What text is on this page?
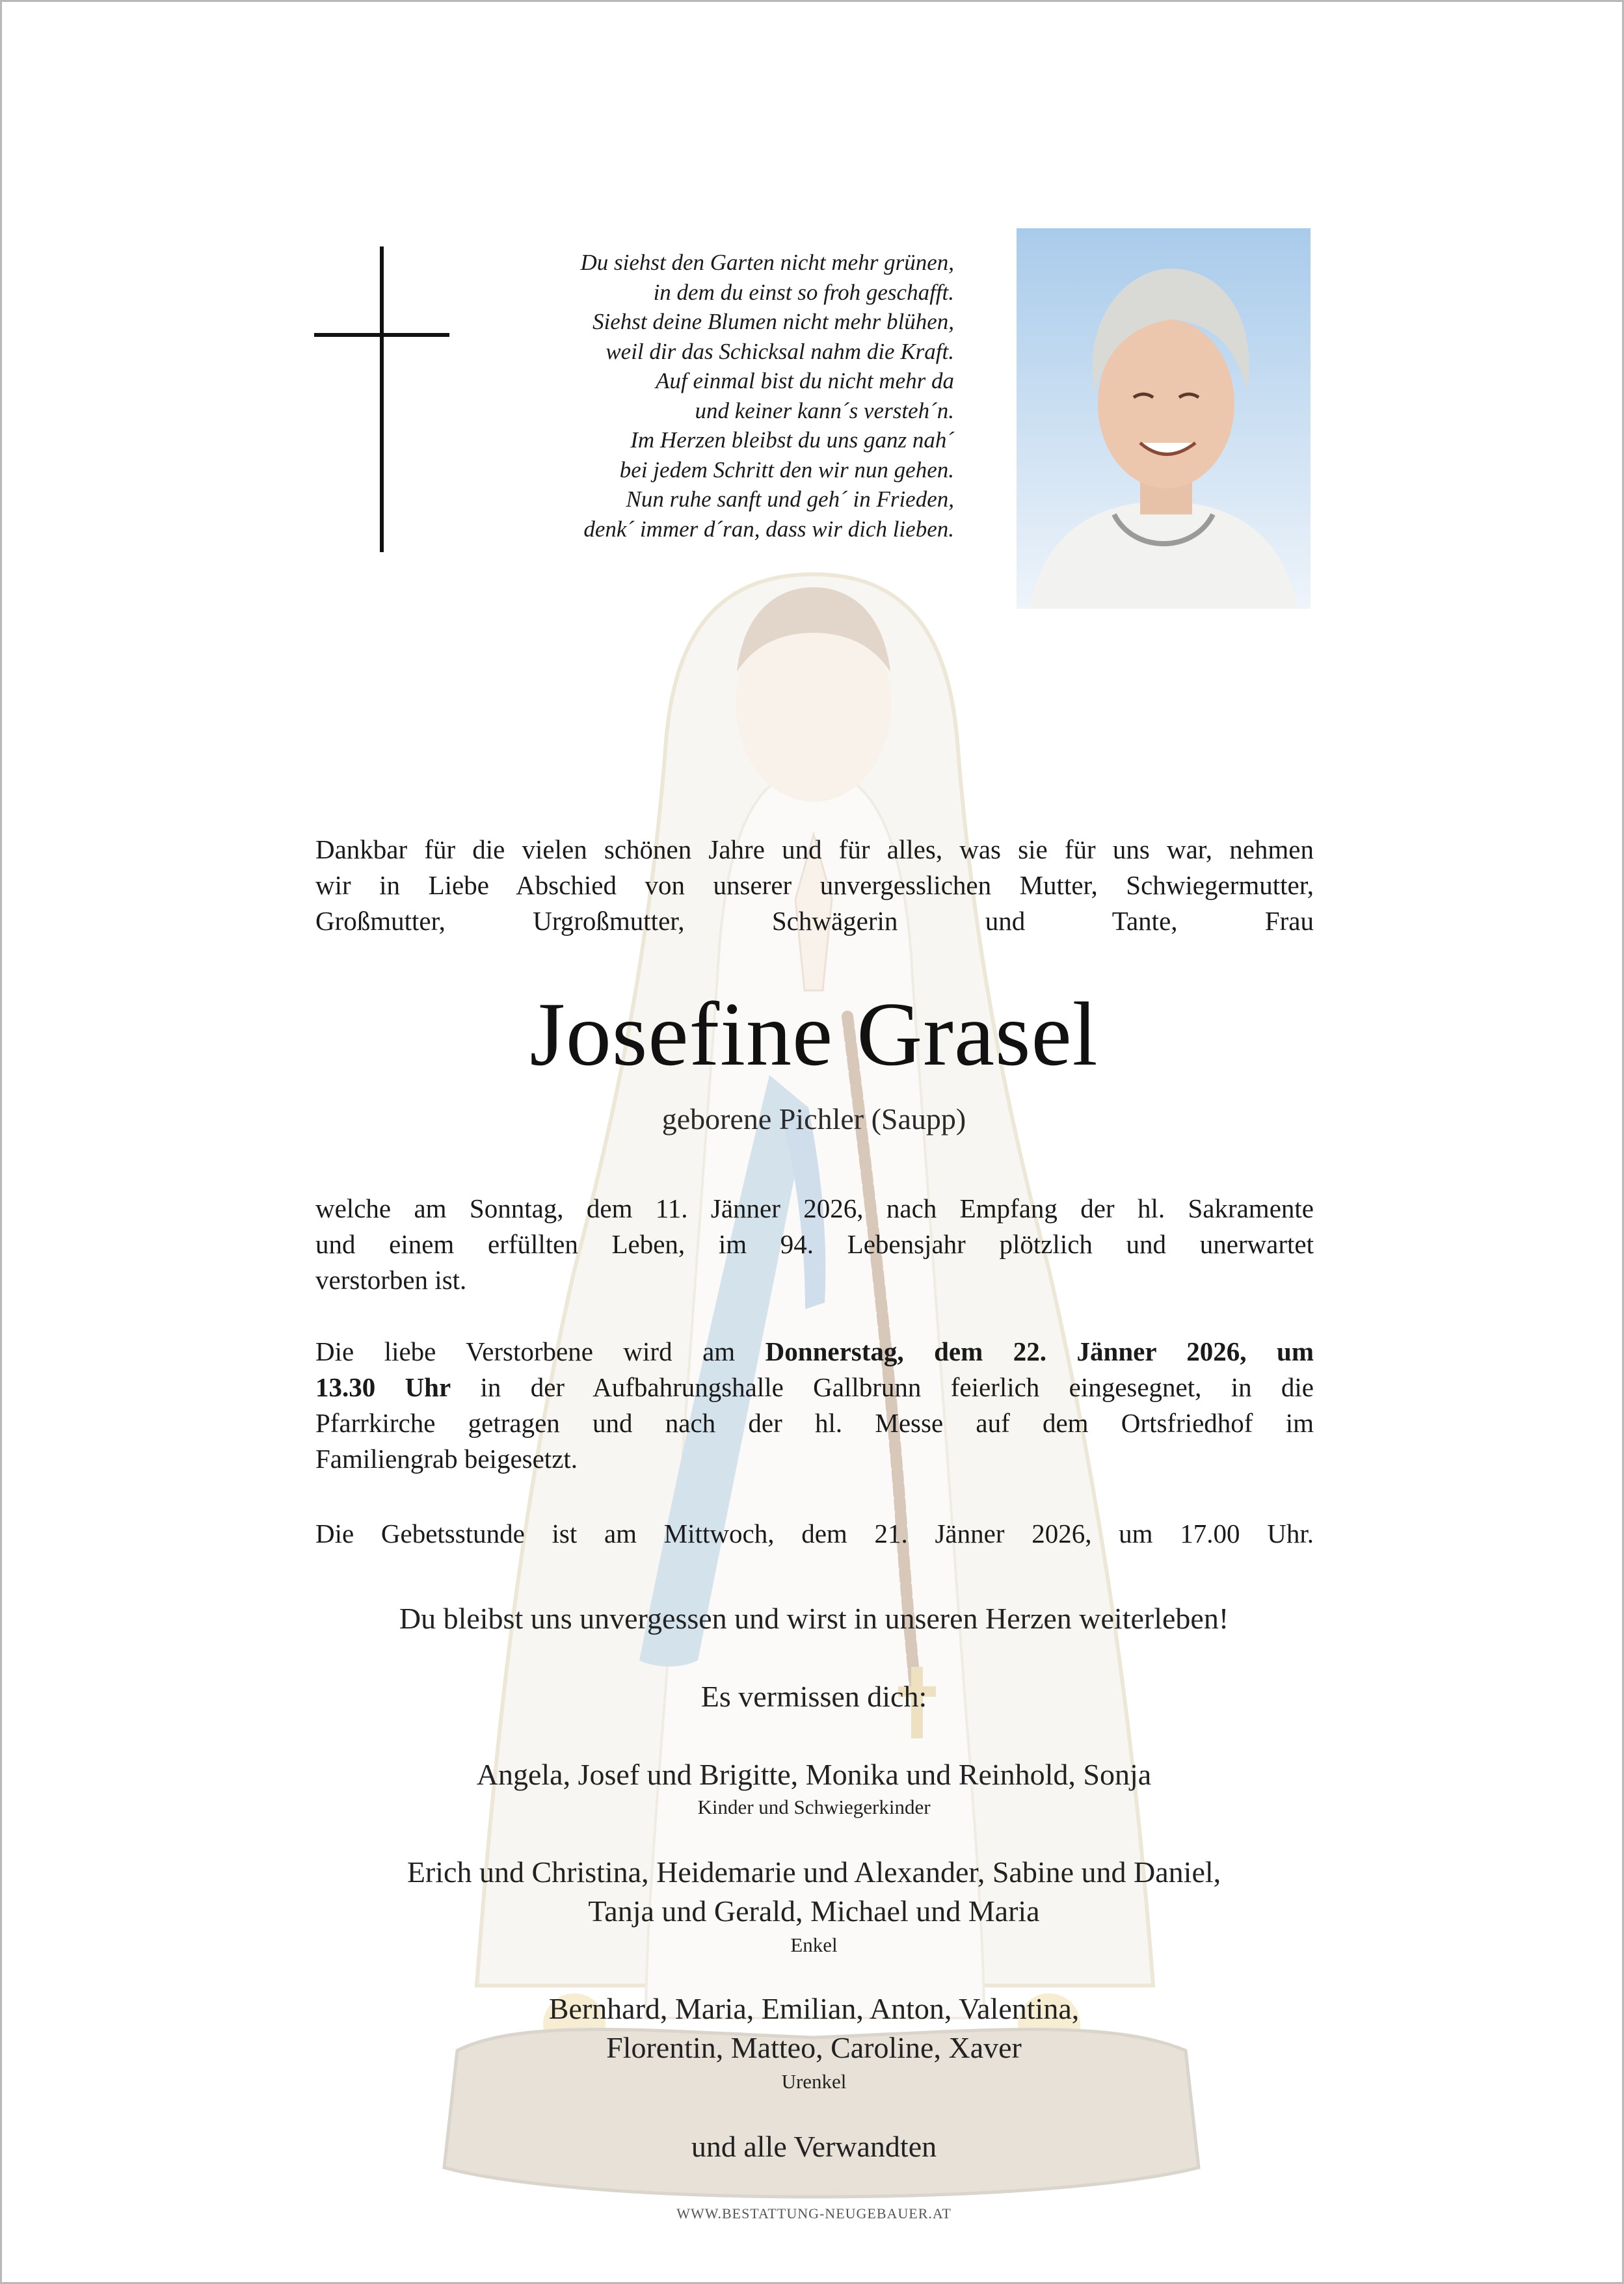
Du siehst den Garten nicht mehr grünen,
in dem du einst so froh geschafft.
Siehst deine Blumen nicht mehr blühen,
weil dir das Schicksal nahm die Kraft.
Auf einmal bist du nicht mehr da
und keiner kann´s versteh´n.
Im Herzen bleibst du uns ganz nah´
bei jedem Schritt den wir nun gehen.
Nun ruhe sanft und geh´ in Frieden,
denk´ immer d´ran, dass wir dich lieben.
Dankbar für die vielen schönen Jahre und für alles, was sie für uns war, nehmen
wir in Liebe Abschied von unserer unvergesslichen Mutter, Schwiegermutter,
Großmutter, Urgroßmutter, Schwägerin und Tante, Frau
Josefine Grasel
geborene Pichler (Saupp)
welche am Sonntag, dem 11. Jänner 2026, nach Empfang der hl. Sakramente
und einem erfüllten Leben, im 94. Lebensjahr plötzlich und unerwartet
verstorben ist.
Die liebe Verstorbene wird am Donnerstag, dem 22. Jänner 2026, um
13.30 Uhr in der Aufbahrungshalle Gallbrunn feierlich eingesegnet, in die
Pfarrkirche getragen und nach der hl. Messe auf dem Ortsfriedhof im
Familiengrab beigesetzt.
Die Gebetsstunde ist am Mittwoch, dem 21. Jänner 2026, um 17.00 Uhr.
Du bleibst uns unvergessen und wirst in unseren Herzen weiterleben!
Es vermissen dich:
Angela, Josef und Brigitte, Monika und Reinhold, Sonja
Kinder und Schwiegerkinder
Erich und Christina, Heidemarie und Alexander, Sabine und Daniel,
Tanja und Gerald, Michael und Maria
Enkel
Bernhard, Maria, Emilian, Anton, Valentina,
Florentin, Matteo, Caroline, Xaver
Urenkel
und alle Verwandten
WWW.BESTATTUNG-NEUGEBAUER.AT
